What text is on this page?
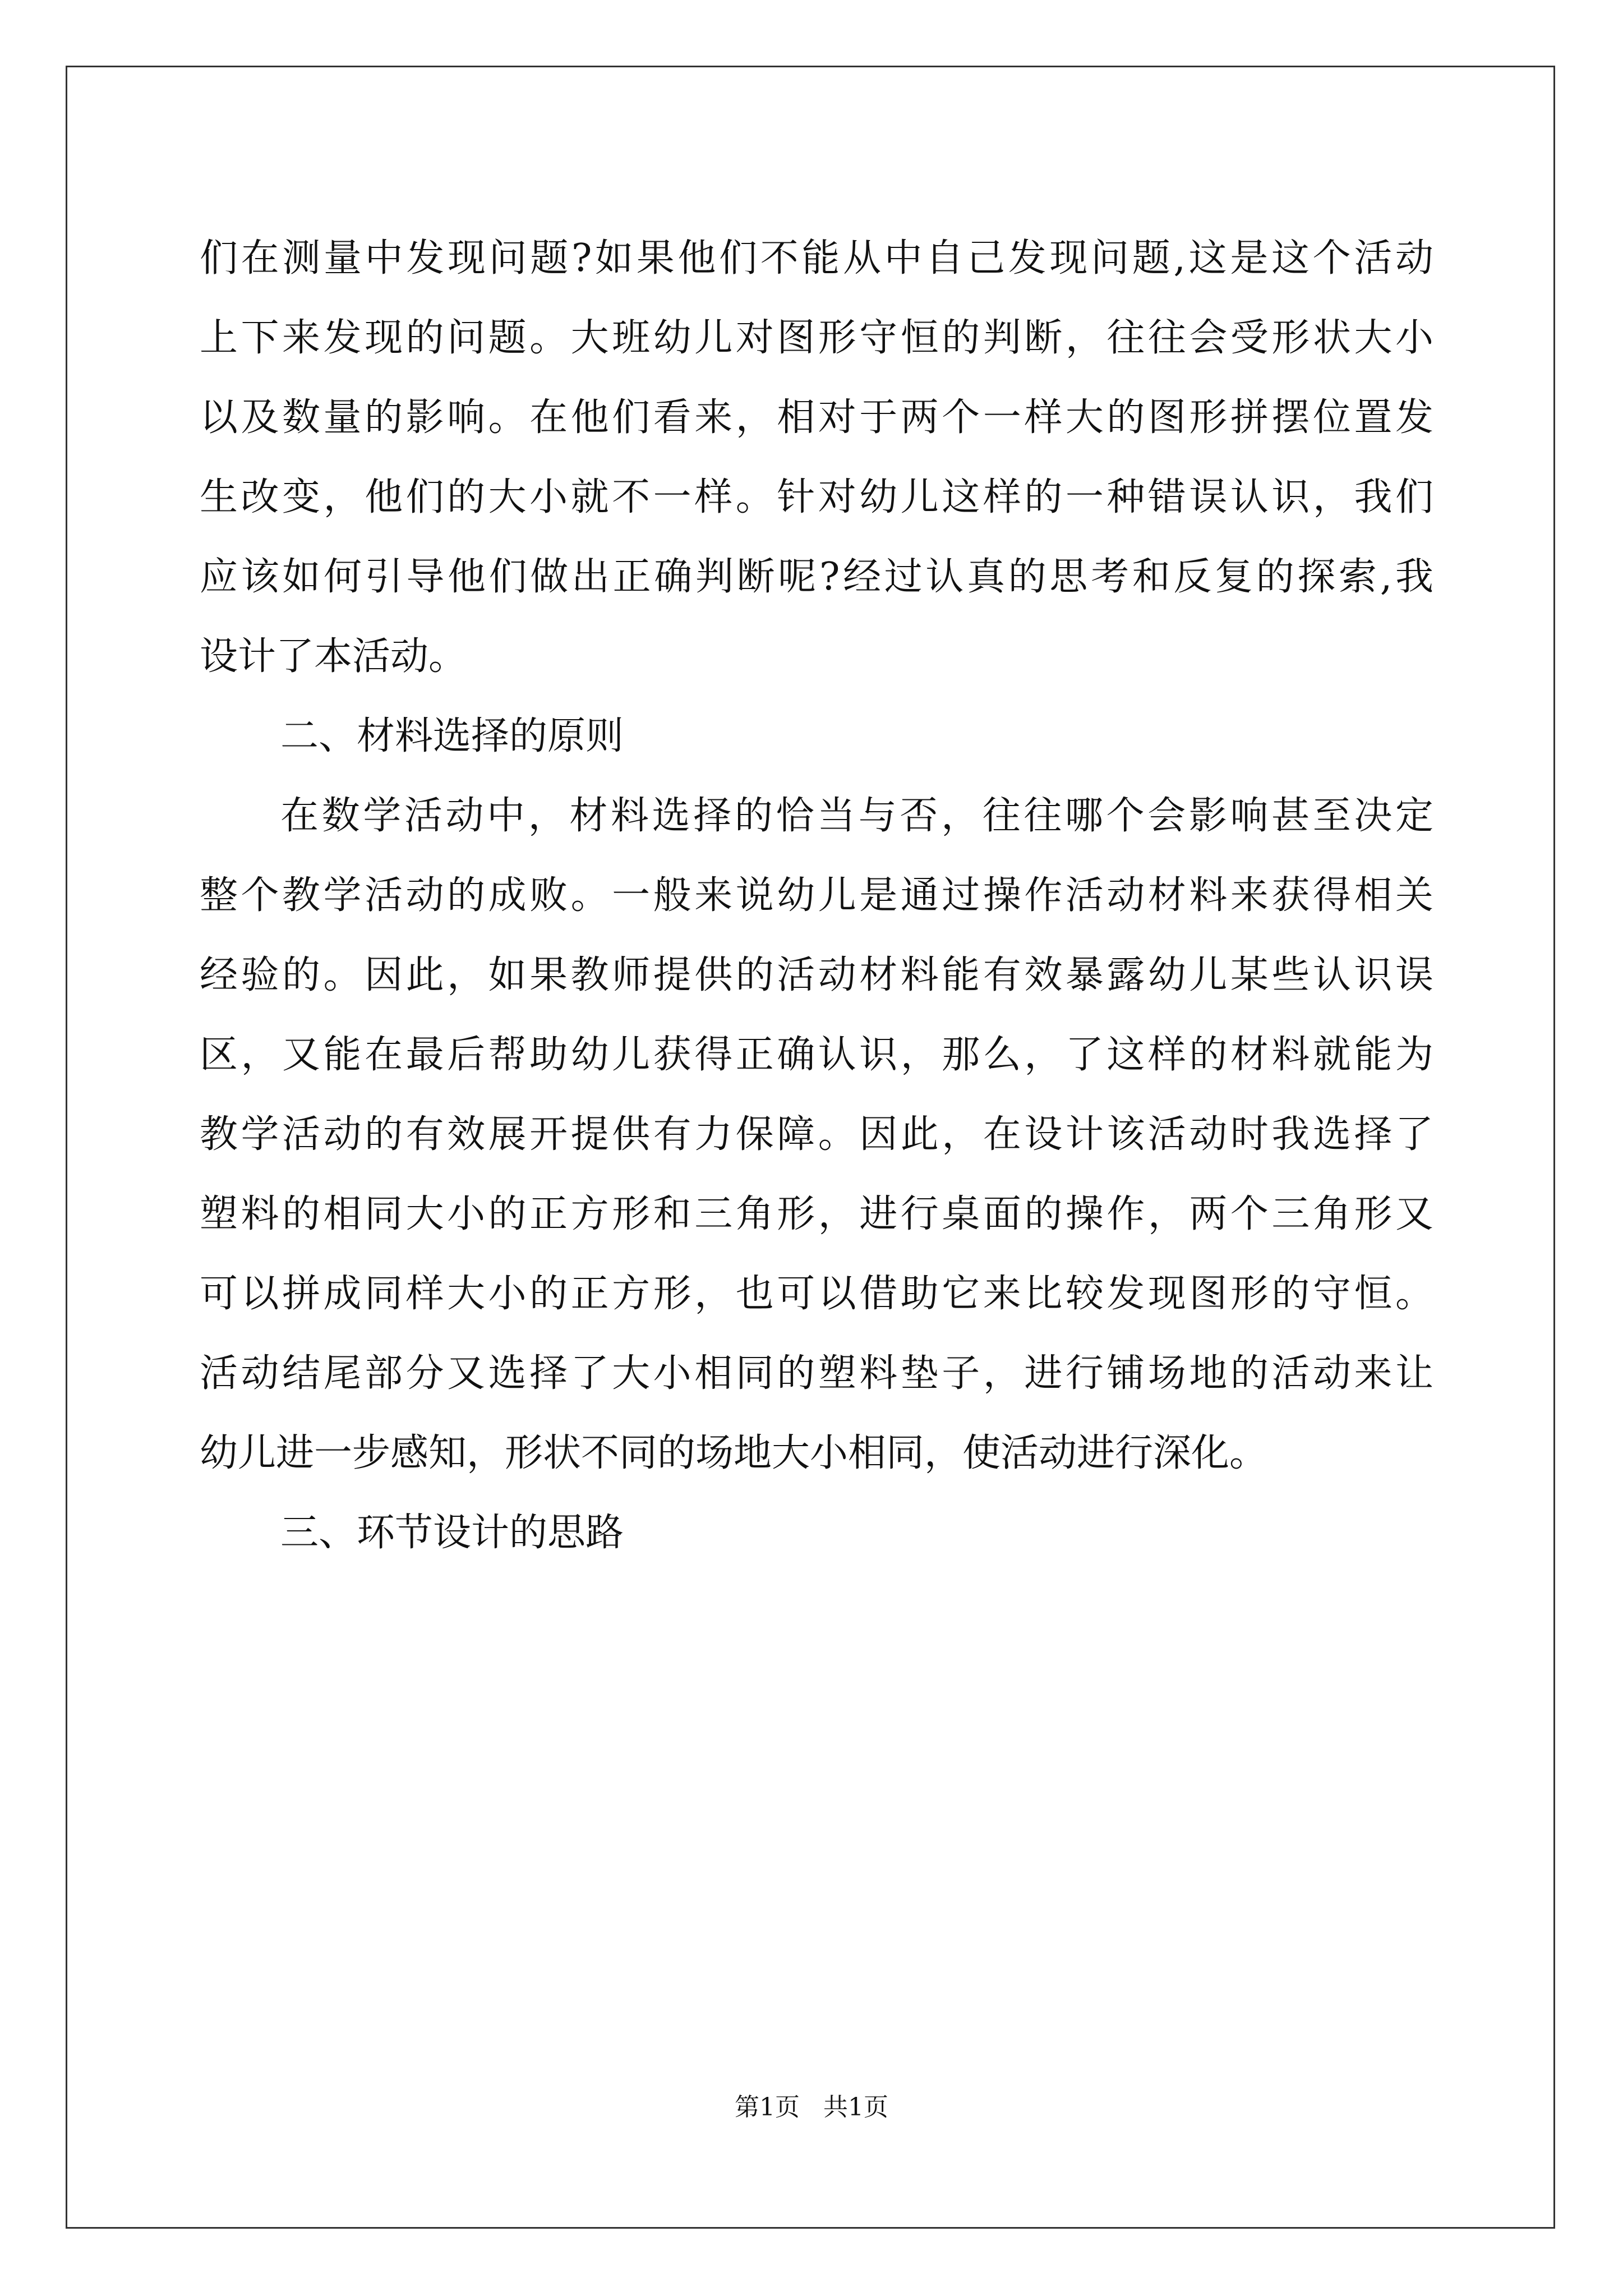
们在测量中发现问题?如果他们不能从中自己发现问题,这是这个活动
上下来发现的问题。大班幼儿对图形守恒的判断，往往会受形状大小
以及数量的影响。在他们看来，相对于两个一样大的图形拼摆位置发
生改变，他们的大小就不一样。针对幼儿这样的一种错误认识，我们
应该如何引导他们做出正确判断呢?经过认真的思考和反复的探索,我
设计了本活动。
二、材料选择的原则
在数学活动中，材料选择的恰当与否，往往哪个会影响甚至决定
整个教学活动的成败。一般来说幼儿是通过操作活动材料来获得相关
经验的。因此，如果教师提供的活动材料能有效暴露幼儿某些认识误
区，又能在最后帮助幼儿获得正确认识，那么，了这样的材料就能为
教学活动的有效展开提供有力保障。因此，在设计该活动时我选择了
塑料的相同大小的正方形和三角形，进行桌面的操作，两个三角形又
可以拼成同样大小的正方形，也可以借助它来比较发现图形的守恒。
活动结尾部分又选择了大小相同的塑料垫子，进行铺场地的活动来让
幼儿进一步感知，形状不同的场地大小相同，使活动进行深化。
三、环节设计的思路
第1页 共1页
